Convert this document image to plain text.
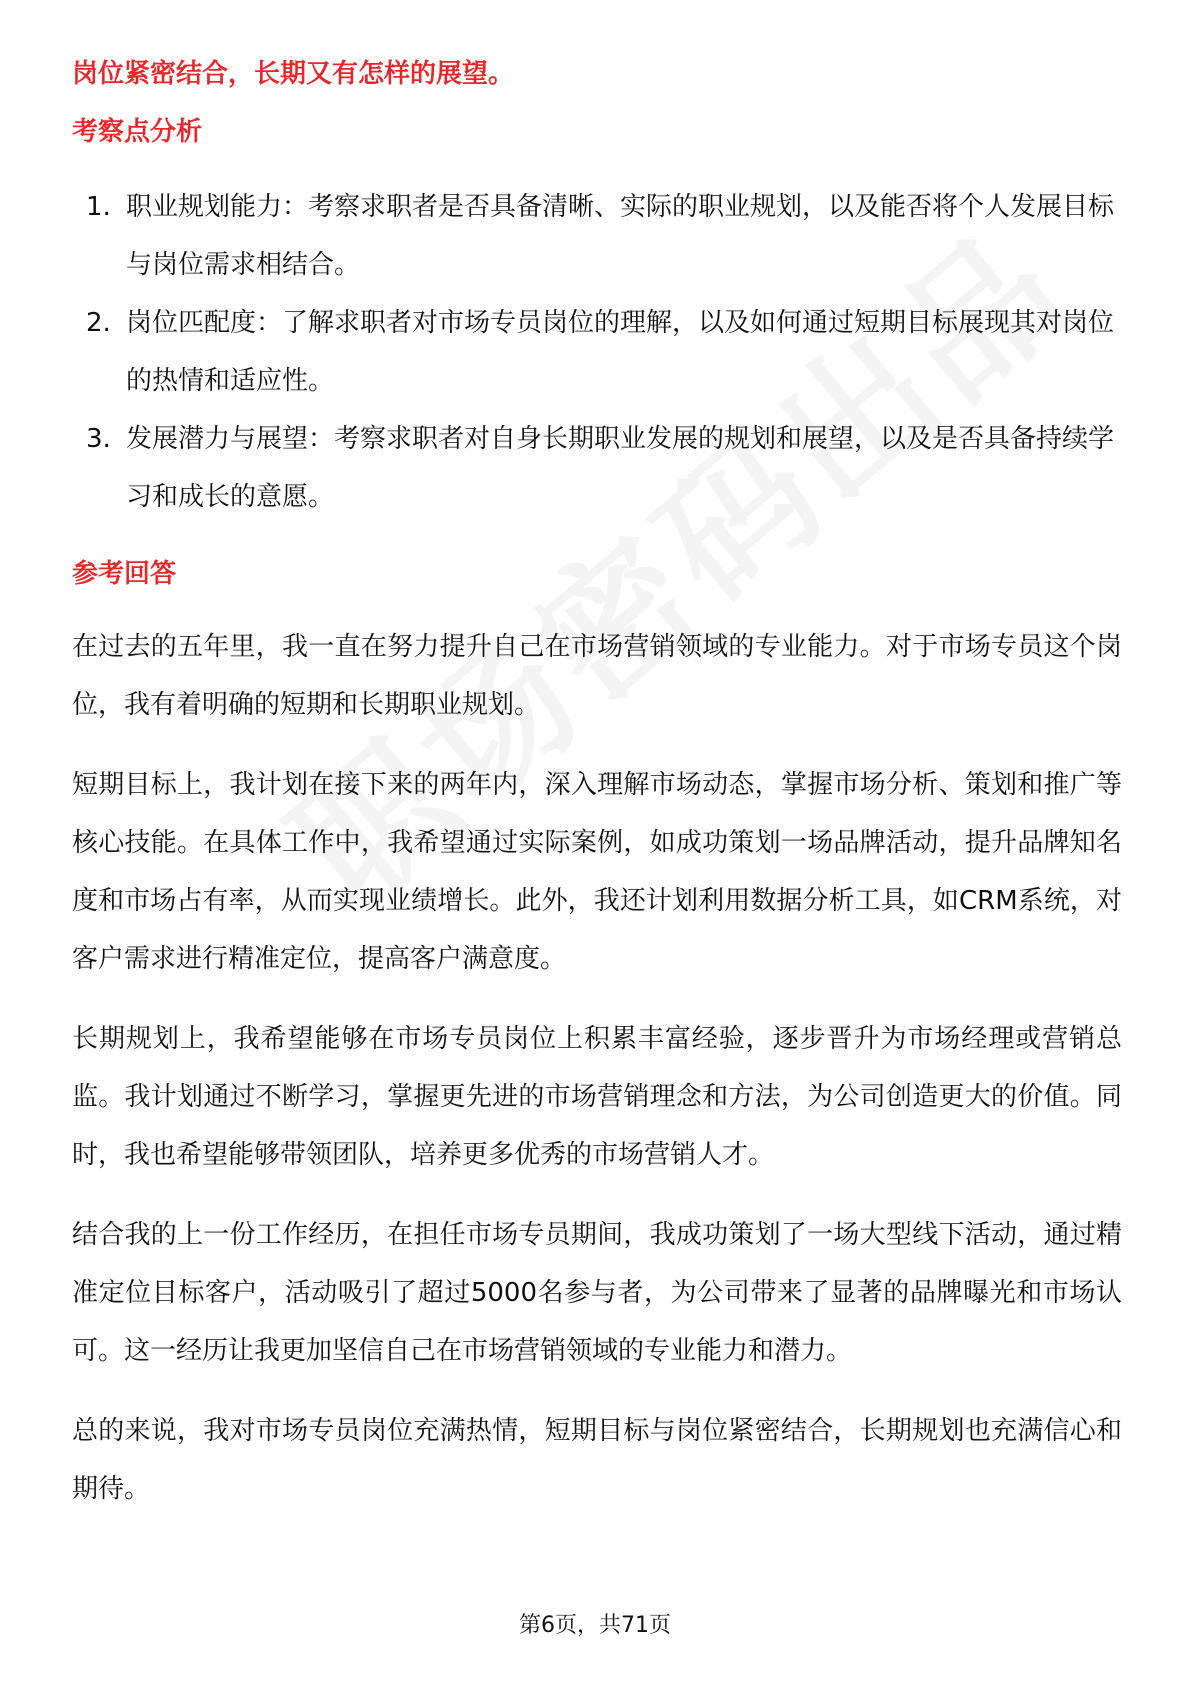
岗位紧密结合，长期又有怎样的展望。

考察点分析

1. 职业规划能力：考察求职者是否具备清晰、实际的职业规划，以及能否将个人发展目标与岗位需求相结合。
2. 岗位匹配度：了解求职者对市场专员岗位的理解，以及如何通过短期目标展现其对岗位的热情和适应性。
3. 发展潜力与展望：考察求职者对自身长期职业发展的规划和展望，以及是否具备持续学习和成长的意愿。

参考回答

在过去的五年里，我一直在努力提升自己在市场营销领域的专业能力。对于市场专员这个岗位，我有着明确的短期和长期职业规划。

短期目标上，我计划在接下来的两年内，深入理解市场动态，掌握市场分析、策划和推广等核心技能。在具体工作中，我希望通过实际案例，如成功策划一场品牌活动，提升品牌知名度和市场占有率，从而实现业绩增长。此外，我还计划利用数据分析工具，如CRM系统，对客户需求进行精准定位，提高客户满意度。

长期规划上，我希望能够在市场专员岗位上积累丰富经验，逐步晋升为市场经理或营销总监。我计划通过不断学习，掌握更先进的市场营销理念和方法，为公司创造更大的价值。同时，我也希望能够带领团队，培养更多优秀的市场营销人才。

结合我的上一份工作经历，在担任市场专员期间，我成功策划了一场大型线下活动，通过精准定位目标客户，活动吸引了超过5000名参与者，为公司带来了显著的品牌曝光和市场认可。这一经历让我更加坚信自己在市场营销领域的专业能力和潜力。

总的来说，我对市场专员岗位充满热情，短期目标与岗位紧密结合，长期规划也充满信心和期待。

第6页，共71页
